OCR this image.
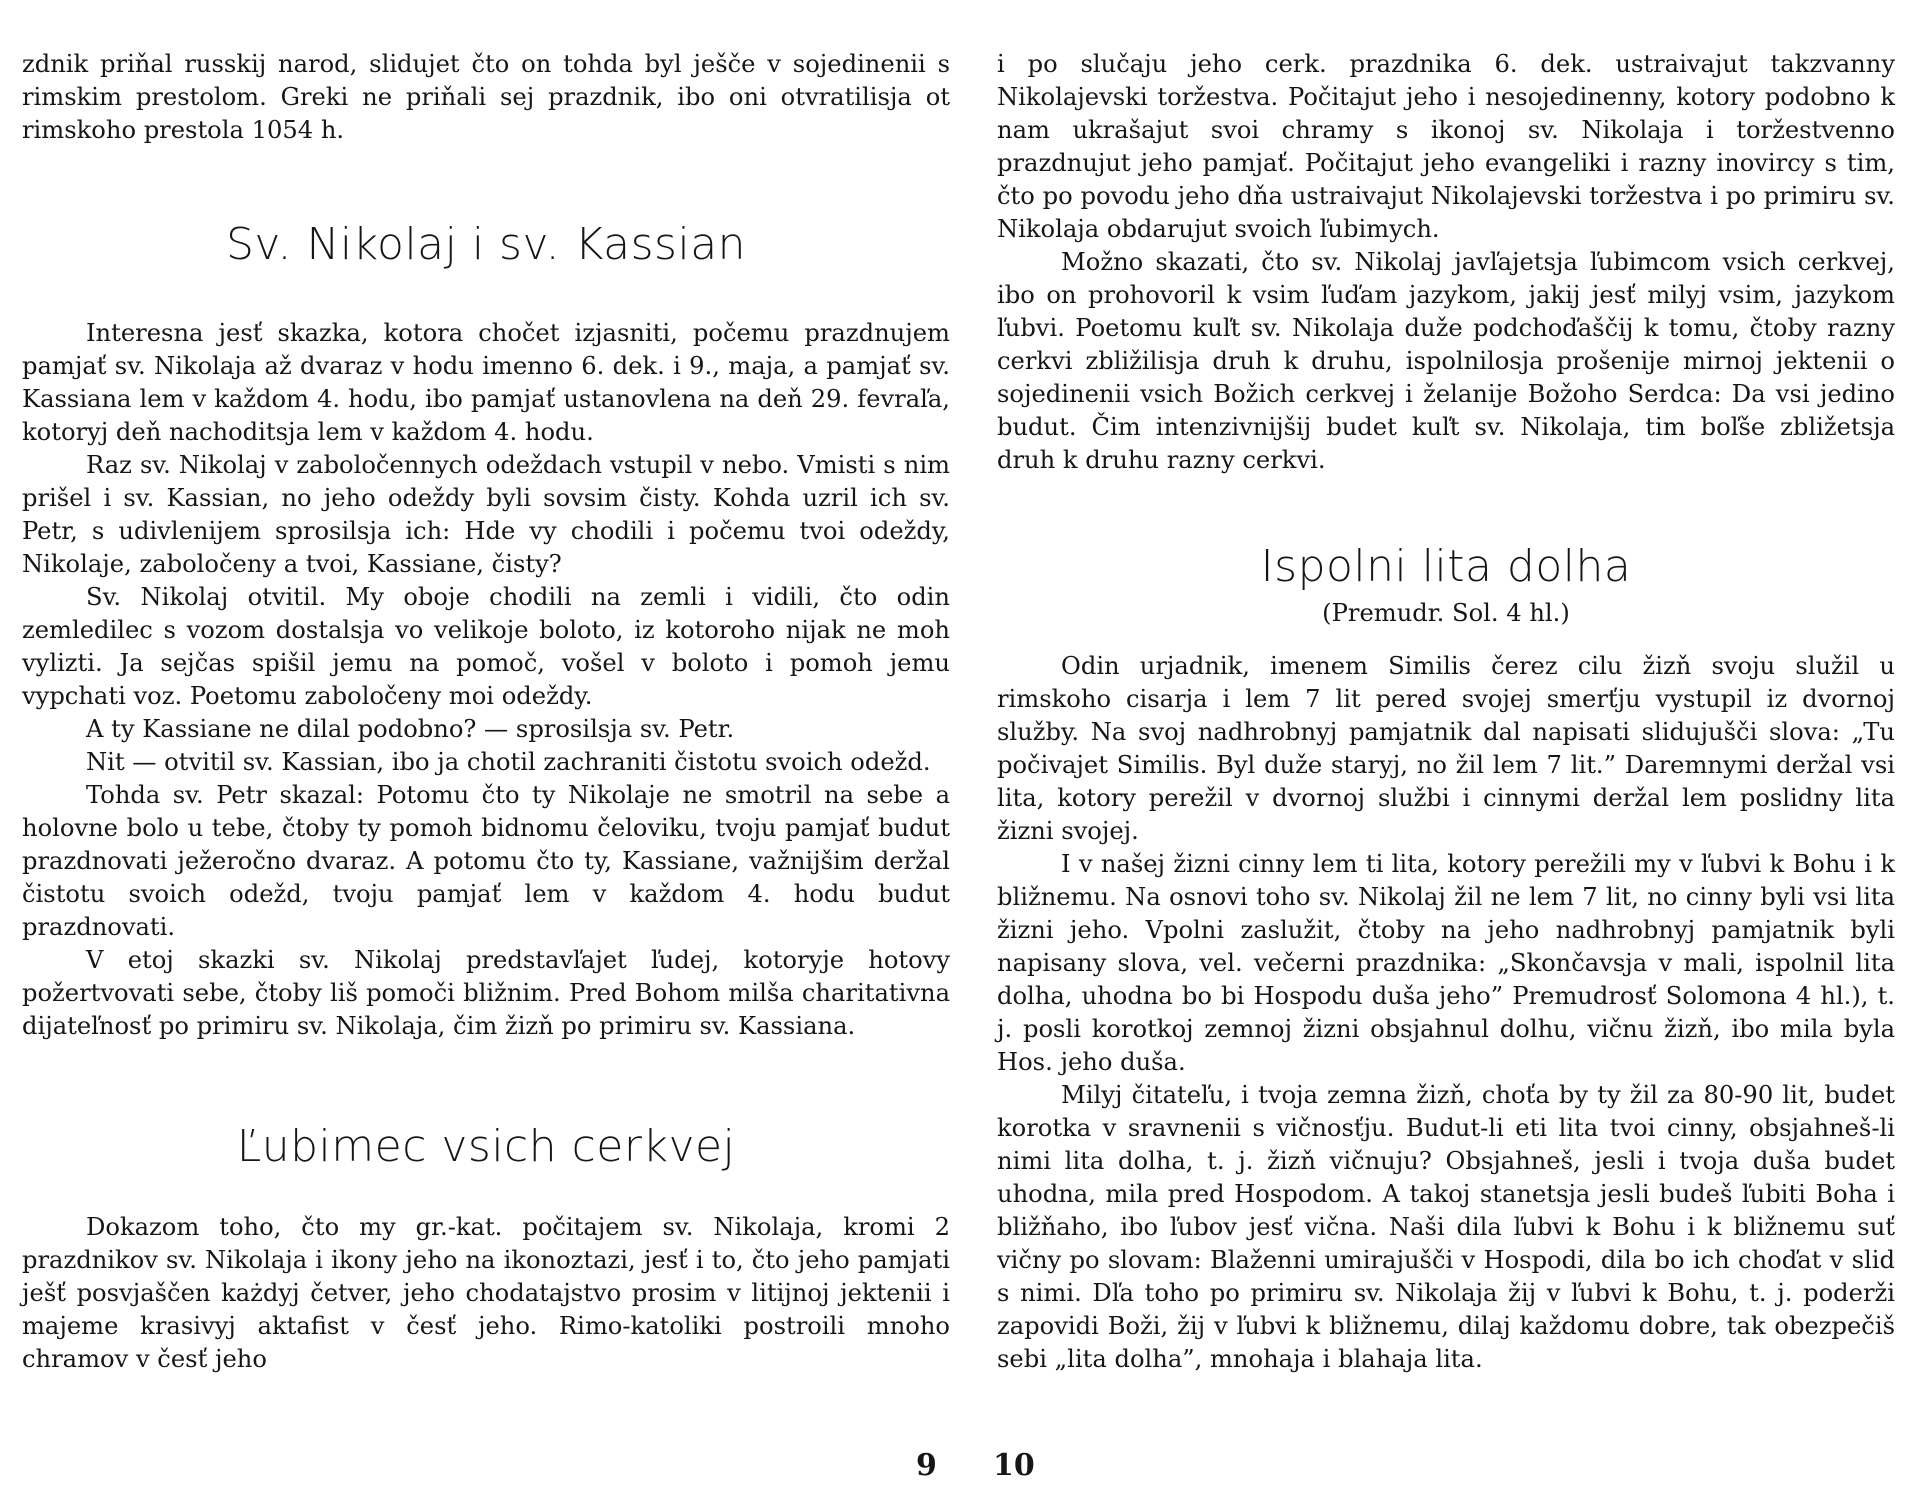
zdnik priňal russkij narod, slidujet čto on tohda byl ješče v sojedinenii s rimskim prestolom. Greki ne priňali sej prazdnik, ibo oni otvratilisja ot rimskoho prestola 1054 h.

Sv. Nikolaj i sv. Kassian

Interesna jesť skazka, kotora chočet izjasniti, počemu prazdnujem pamjať sv. Nikolaja až dvaraz v hodu imenno 6. dek. i 9., maja, a pamjať sv. Kassiana lem v každom 4. hodu, ibo pamjať ustanovlena na deň 29. fevraľa, kotoryj deň nachoditsja lem v každom 4. hodu.

Raz sv. Nikolaj v zaboločennych odeždach vstupil v nebo. Vmisti s nim prišel i sv. Kassian, no jeho odeždy byli sovsim čisty. Kohda uzril ich sv. Petr, s udivlenijem sprosilsja ich: Hde vy chodili i počemu tvoi odeždy, Nikolaje, zaboločeny a tvoi, Kassiane, čisty?

Sv. Nikolaj otvitil. My oboje chodili na zemli i vidili, čto odin zemledilec s vozom dostalsja vo velikoje boloto, iz kotoroho nijak ne moh vylizti. Ja sejčas spišil jemu na pomoč, vošel v boloto i pomoh jemu vypchati voz. Poetomu zaboločeny moi odeždy.

A ty Kassiane ne dilal podobno? — sprosilsja sv. Petr.

Nit — otvitil sv. Kassian, ibo ja chotil zachraniti čistotu svoich odežd.

Tohda sv. Petr skazal: Potomu čto ty Nikolaje ne smotril na sebe a holovne bolo u tebe, čtoby ty pomoh bidnomu čeloviku, tvoju pamjať budut prazdnovati ježeročno dvaraz. A potomu čto ty, Kassiane, važnijšim deržal čistotu svoich odežd, tvoju pamjať lem v každom 4. hodu budut prazdnovati.

V etoj skazki sv. Nikolaj predstavľajet ľudej, kotoryje hotovy požertvovati sebe, čtoby liš pomoči bližnim. Pred Bohom milša charitativna dijateľnosť po primiru sv. Nikolaja, čim žizň po primiru sv. Kassiana.

Ľubimec vsich cerkvej

Dokazom toho, čto my gr.-kat. počitajem sv. Nikolaja, kromi 2 prazdnikov sv. Nikolaja i ikony jeho na ikonoztazi, jesť i to, čto jeho pamjati ješť posvjaščen każdyj četver, jeho chodatajstvo prosim v litijnoj jektenii i majeme krasivyj aktafist v česť jeho. Rimo-katoliki postroili mnoho chramov v česť jeho

i po slučaju jeho cerk. prazdnika 6. dek. ustraivajut takzvanny Nikolajevski toržestva. Počitajut jeho i nesojedinenny, kotory podobno k nam ukrašajut svoi chramy s ikonoj sv. Nikolaja i toržestvenno prazdnujut jeho pamjať. Počitajut jeho evangeliki i razny inovirсy s tim, čto po povodu jeho dňa ustraivajut Nikolajevski toržestva i po primiru sv. Nikolaja obdarujut svoich ľubimych.

Možno skazati, čto sv. Nikolaj javľajetsja ľubimcom vsich cerkvej, ibo on prohovoril k vsim ľuďam jazykom, jakij jesť milyj vsim, jazykom ľubvi. Poetomu kuľt sv. Nikolaja duže podchoďaščij k tomu, čtoby razny cerkvi zbližilisja druh k druhu, ispolnilosja prošenije mirnoj jektenii o sojedinenii vsich Božich cerkvej i želanije Božoho Serdca: Da vsi jedino budut. Čim intenzivnijšij budet kuľt sv. Nikolaja, tim boľše zbližetsja druh k druhu razny cerkvi.

Ispolni lita dolha
(Premudr. Sol. 4 hl.)

Odin urjadnik, imenem Similis čerez cilu žizň svoju služil u rimskoho cisarja i lem 7 lit pered svojej smerťju vystupil iz dvornoj služby. Na svoj nadhrobnyj pamjatnik dal napisati slidujušči slova: „Tu počivajet Similis. Byl duže staryj, no žil lem 7 lit.” Daremnymi deržal vsi lita, kotory perežil v dvornoj službi i cinnymi deržal lem poslidny lita žizni svojej.

I v našej žizni cinny lem ti lita, kotory perežili my v ľubvi k Bohu i k bližnemu. Na osnovi toho sv. Nikolaj žil ne lem 7 lit, no cinny byli vsi lita žizni jeho. Vpolni zaslužit, čtoby na jeho nadhrobnyj pamjatnik byli napisany slova, vel. večerni prazdnika: „Skončavsja v mali, ispolnil lita dolha, uhodna bo bi Hospodu duša jeho” Premudrosť Solomona 4 hl.), t. j. posli korotkoj zemnoj žizni obsjahnul dolhu, vičnu žizň, ibo mila byla Hos. jeho duša.

Milyj čitateľu, i tvoja zemna žizň, choťa by ty žil za 80-90 lit, budet korotka v sravnenii s vičnosťju. Budut-li eti lita tvoi cinny, obsjahneš-li nimi lita dolha, t. j. žizň vičnuju? Obsjahneš, jesli i tvoja duša budet uhodna, mila pred Hospodom. A takoj stanetsja jesli budeš ľubiti Boha i bližňaho, ibo ľubov jesť vična. Naši dila ľubvi k Bohu i k bližnemu suť vičny po slovam: Blaženni umirajušči v Hospodi, dila bo ich choďat v slid s nimi. Dľa toho po primiru sv. Nikolaja žij v ľubvi k Bohu, t. j. poderži zapovidi Boži, žij v ľubvi k bližnemu, dilaj každomu dobre, tak obezpečiš sebi „lita dolha”, mnohaja i blahaja lita.

9 10
